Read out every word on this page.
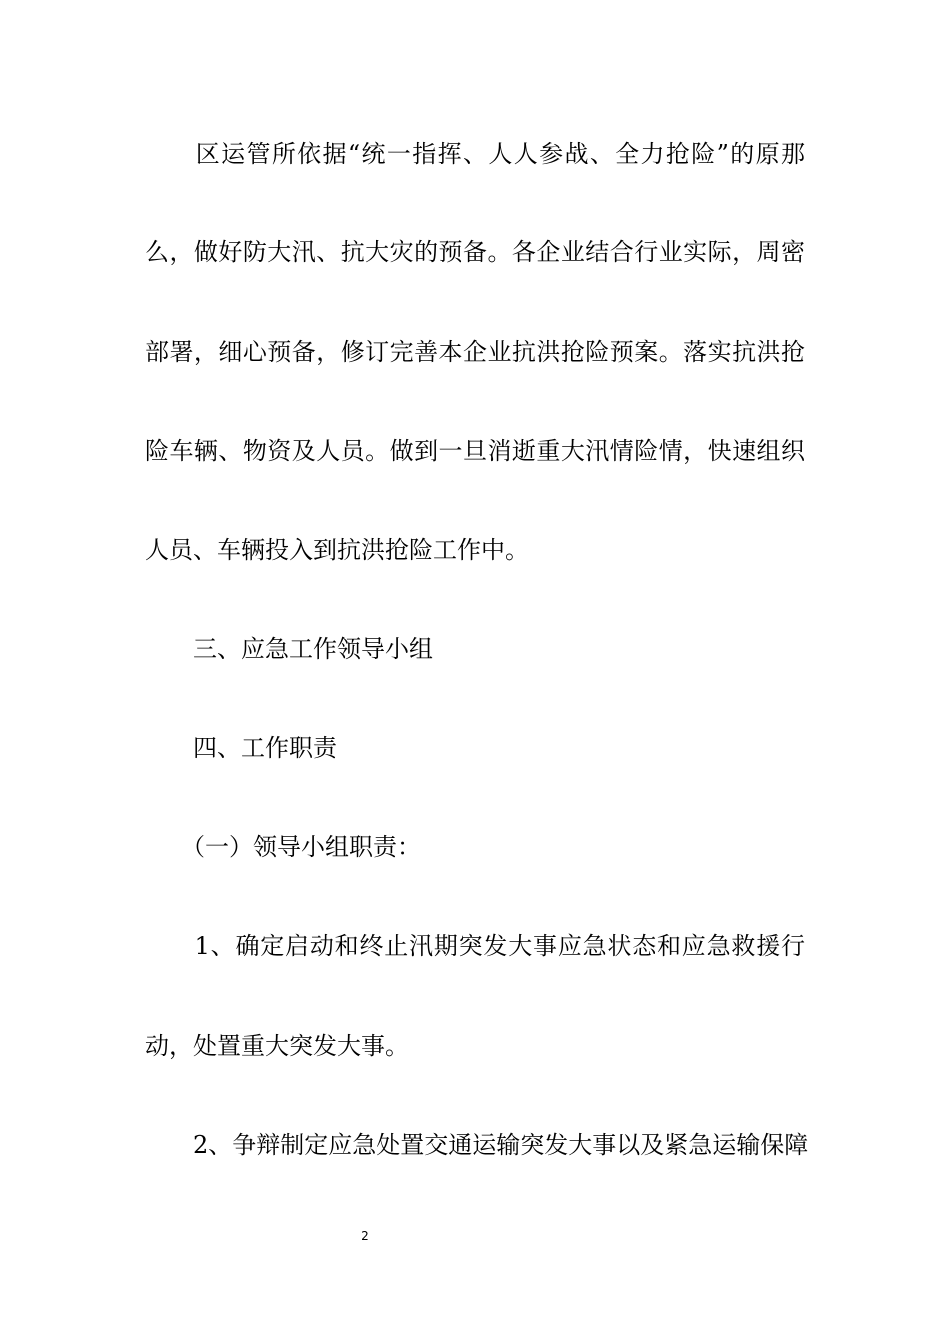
　　区运管所依据“统一指挥、人人参战、全力抢险”的原那

么，做好防大汛、抗大灾的预备。各企业结合行业实际，周密

部署，细心预备，修订完善本企业抗洪抢险预案。落实抗洪抢

险车辆、物资及人员。做到一旦消逝重大汛情险情，快速组织

人员、车辆投入到抗洪抢险工作中。

　　三、应急工作领导小组

　　四、工作职责

　　（一）领导小组职责：

　　1、确定启动和终止汛期突发大事应急状态和应急救援行

动，处置重大突发大事。

　　2、争辩制定应急处置交通运输突发大事以及紧急运输保障

2
